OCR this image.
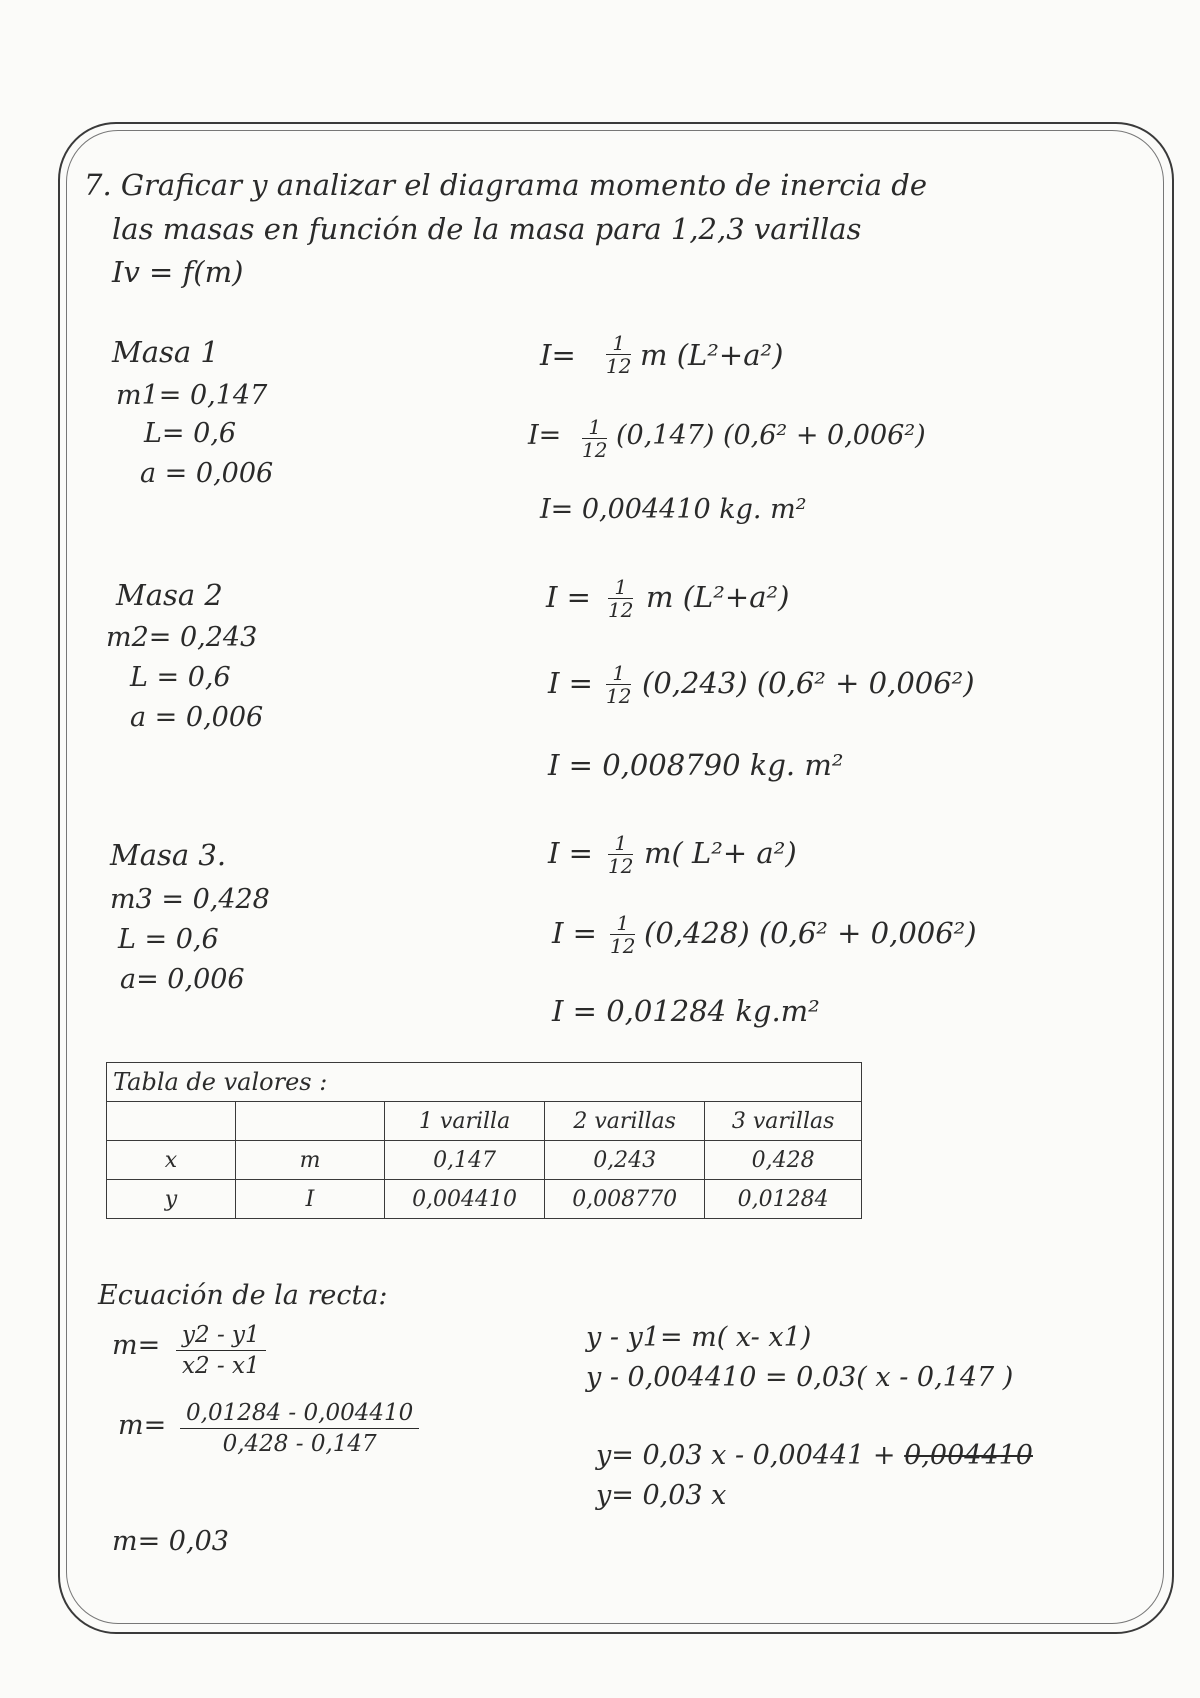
7. Graficar y analizar el diagrama momento de inercia de
las masas en función de la masa para 1,2,3 varillas
Iv = f(m)
Masa 1
m1= 0,147
L= 0,6
a = 0,006
$I= \frac{1}{12}$ m (L²+a²)
$I= \frac{1}{12} (0,147) (0,6^2 + 0,006^2)$
I= 0,004410 kg. m²
Masa 2
m2= 0,243
L = 0,6
a = 0,006
$I = \frac{1}{12}$ m (L²+a²)
$I = \frac{1}{12} (0,243) (0,6^2 + 0,006^2)$
I = 0,008790 kg. m²
Masa 3.
m3 = 0,428
L = 0,6
a= 0,006
$I = \frac{1}{12} m$( L²+ a²)
$I = \frac{1}{12} (0,428) (0,6^2 + 0,006^2)$
I = 0,01284 kg.m²
Tabla de valores :				
		1 varilla	2 varillas	3 varillas
x	m	0,147	0,243	0,428
y	I	0,004410	0,008770	0,01284
Ecuación de la recta:
$m= \frac{y2 - y1}{x2 - x1}$
$m= \frac{0,01284 - 0,004410}{0,428 - 0,147}$
m= 0,03
y - y1= m( x- x1)
y - 0,004410 = 0,03( x - 0,147 )
y= 0,03 x - 0,00441 + 0,004410
y= 0,03 x
